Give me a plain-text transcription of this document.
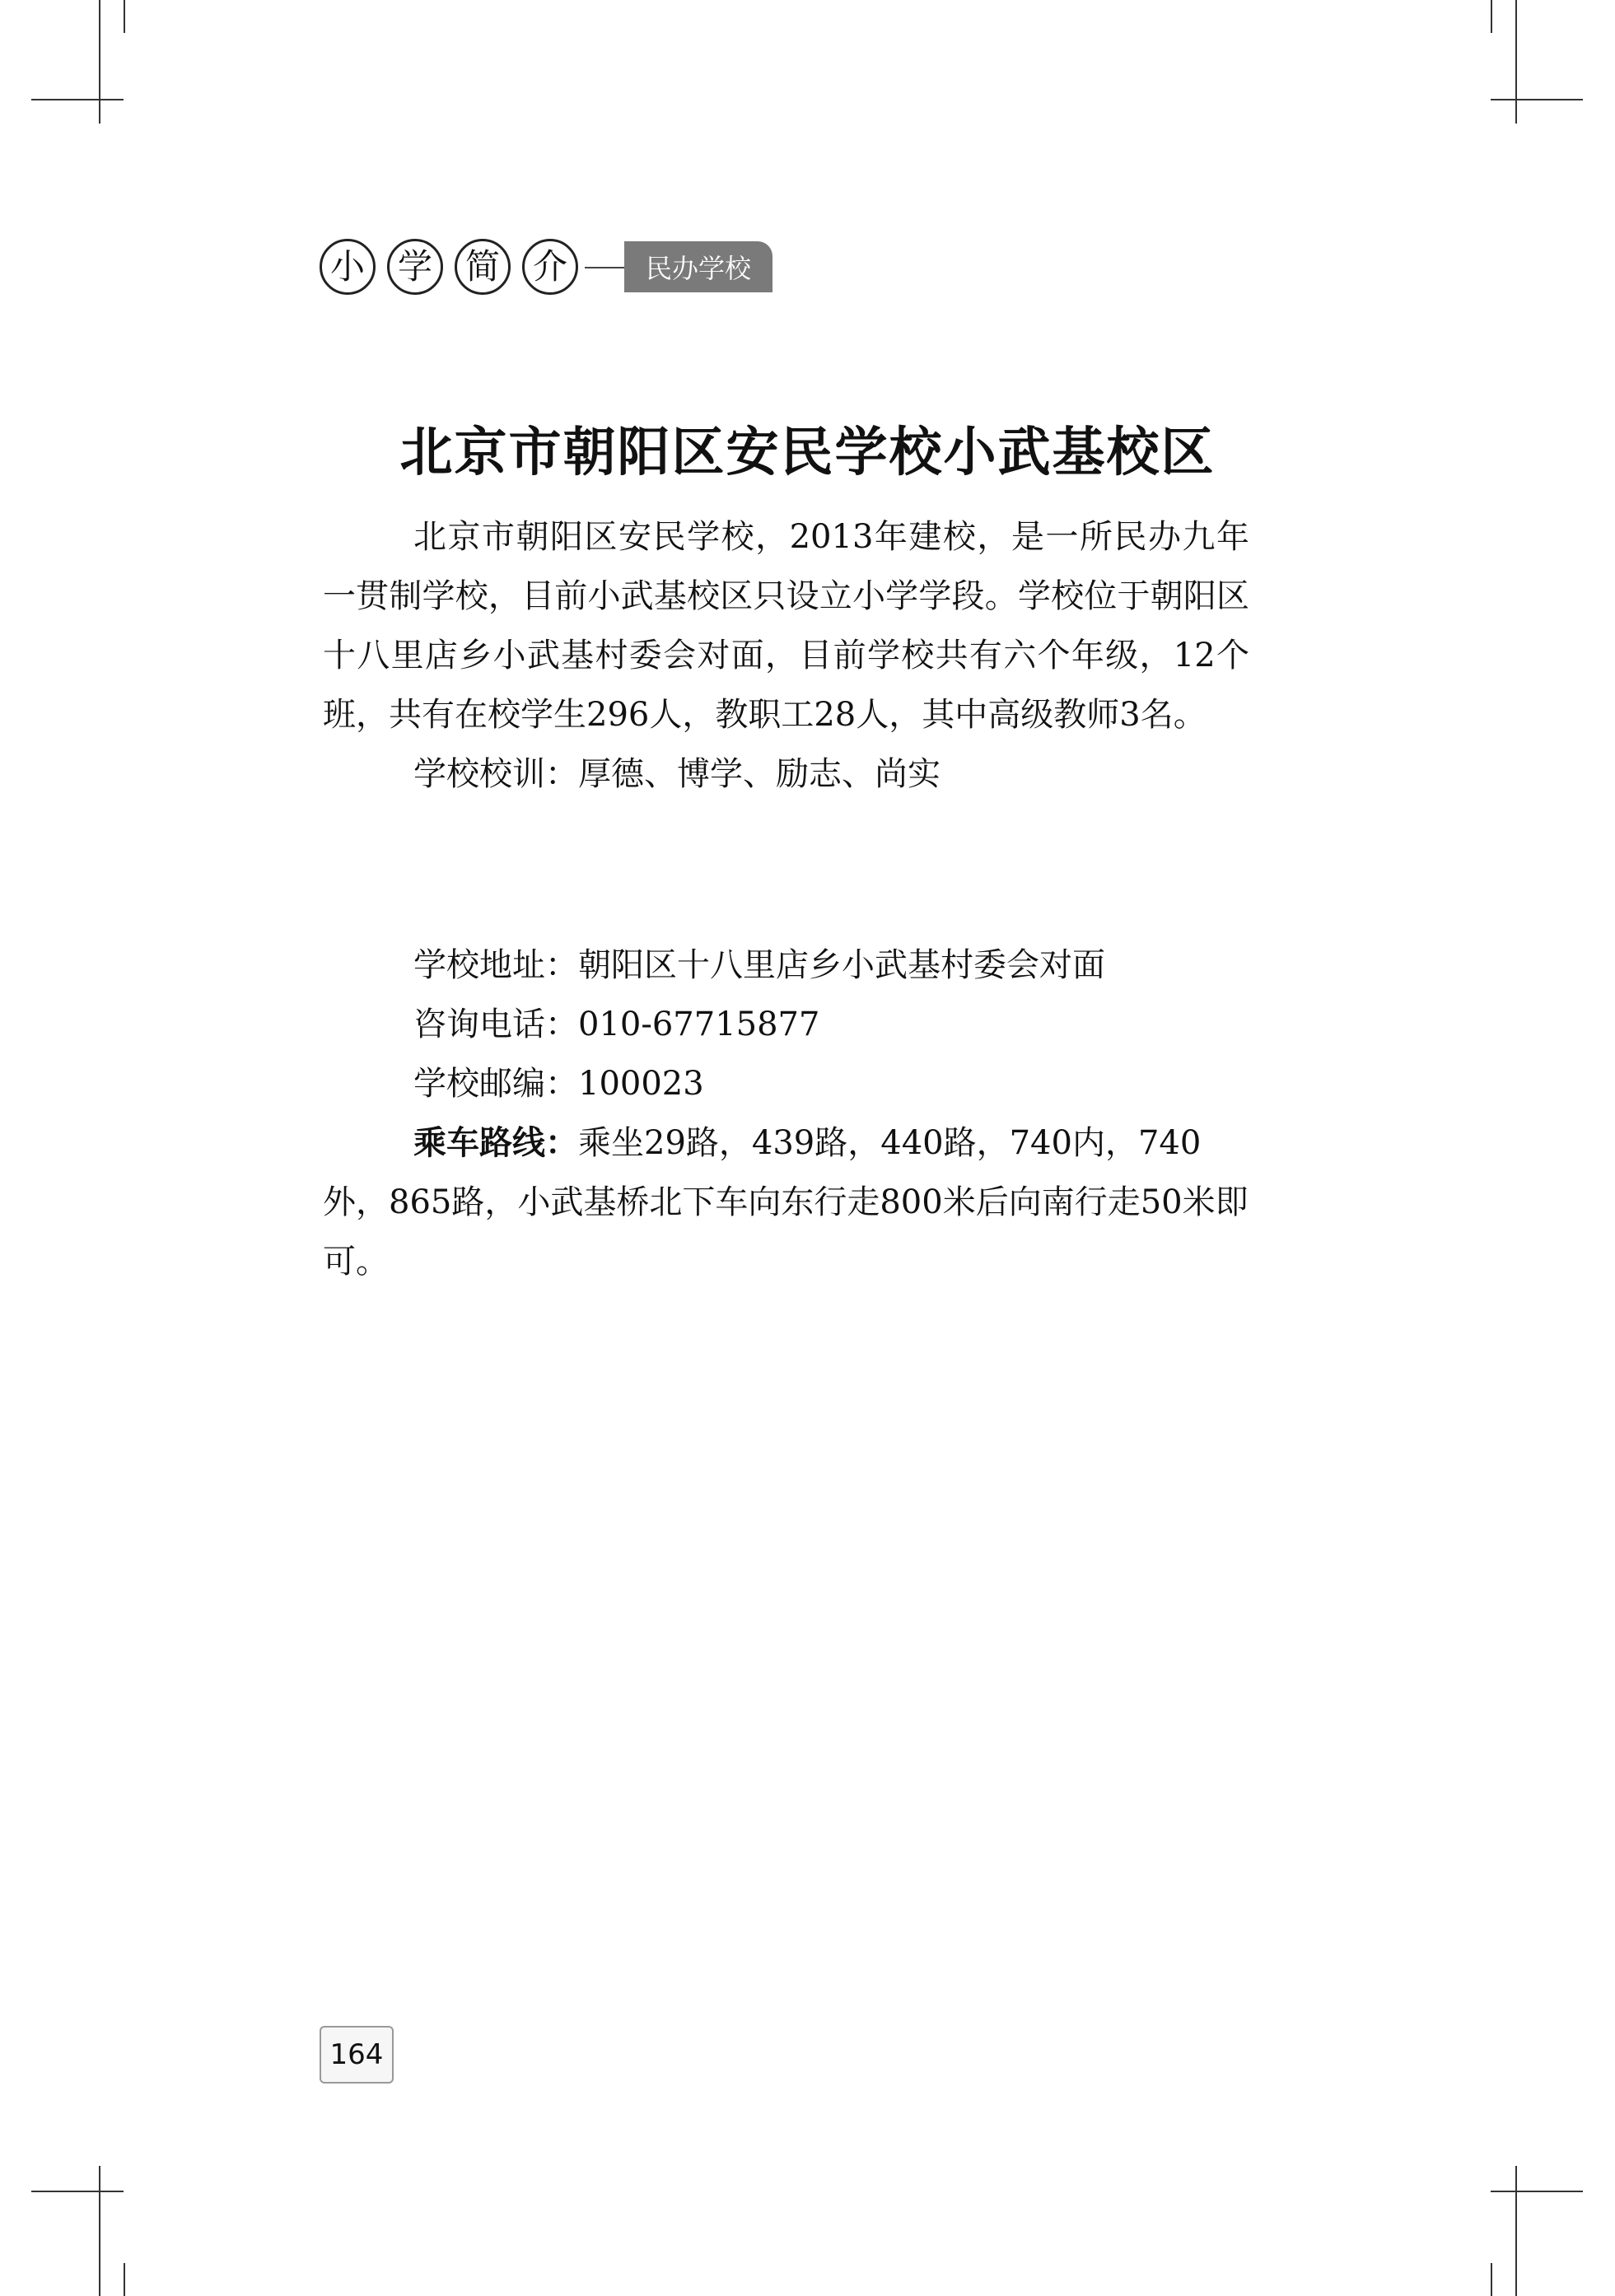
小 学 简 介	民办学校
北京市朝阳区安民学校小武基校区

北京市朝阳区安民学校，2013年建校，是一所民办九年一贯制学校，目前小武基校区只设立小学学段。学校位于朝阳区十八里店乡小武基村委会对面，目前学校共有六个年级，12个班，共有在校学生296人，教职工28人，其中高级教师3名。

学校校训：厚德、博学、励志、尚实

学校地址：朝阳区十八里店乡小武基村委会对面

咨询电话：010-67715877

学校邮编：100023

乘车路线：乘坐29路，439路，440路，740内，740外，865路，小武基桥北下车向东行走800米后向南行走50米即可。

164
